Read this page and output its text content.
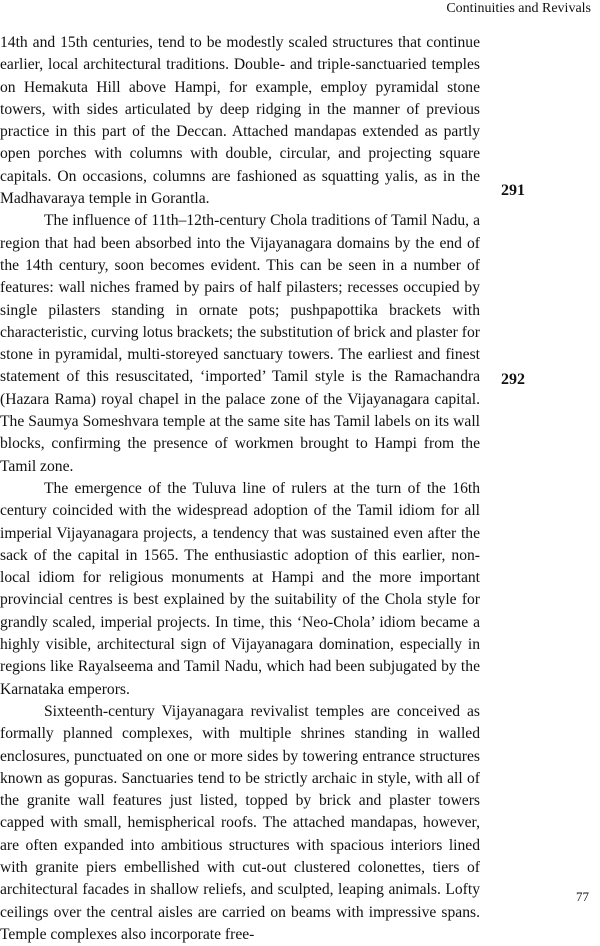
Continuities and Revivals

14th and 15th centuries, tend to be modestly scaled structures that continue earlier, local architectural traditions. Double- and triple-sanctuaried temples on Hemakuta Hill above Hampi, for example, employ pyramidal stone towers, with sides articulated by deep ridging in the manner of previous practice in this part of the Deccan. Attached mandapas extended as partly open porches with columns with double, circular, and projecting square capitals. On occasions, columns are fashioned as squatting yalis, as in the Madhavaraya temple in Gorantla.

The influence of 11th–12th-century Chola traditions of Tamil Nadu, a region that had been absorbed into the Vijayanagara domains by the end of the 14th century, soon becomes evident. This can be seen in a number of features: wall niches framed by pairs of half pilasters; recesses occupied by single pilasters standing in ornate pots; pushpapottika brackets with characteristic, curving lotus brackets; the substitution of brick and plaster for stone in pyramidal, multi-storeyed sanctuary towers. The earliest and finest statement of this resuscitated, ‘imported’ Tamil style is the Ramachandra (Hazara Rama) royal chapel in the palace zone of the Vijayanagara capital. The Saumya Someshvara temple at the same site has Tamil labels on its wall blocks, confirming the presence of workmen brought to Hampi from the Tamil zone.

The emergence of the Tuluva line of rulers at the turn of the 16th century coincided with the widespread adoption of the Tamil idiom for all imperial Vijayanagara projects, a tendency that was sustained even after the sack of the capital in 1565. The enthusiastic adoption of this earlier, non-local idiom for religious monuments at Hampi and the more important provincial centres is best explained by the suitability of the Chola style for grandly scaled, imperial projects. In time, this ‘Neo-Chola’ idiom became a highly visible, architectural sign of Vijayanagara domination, especially in regions like Rayalseema and Tamil Nadu, which had been subjugated by the Karnataka emperors.

Sixteenth-century Vijayanagara revivalist temples are conceived as formally planned complexes, with multiple shrines standing in walled enclosures, punctuated on one or more sides by towering entrance structures known as gopuras. Sanctuaries tend to be strictly archaic in style, with all of the granite wall features just listed, topped by brick and plaster towers capped with small, hemispherical roofs. The attached mandapas, however, are often expanded into ambitious structures with spacious interiors lined with granite piers embellished with cut-out clustered colonettes, tiers of architectural facades in shallow reliefs, and sculpted, leaping animals. Lofty ceilings over the central aisles are carried on beams with impressive spans. Temple complexes also incorporate free-

291
292
77
